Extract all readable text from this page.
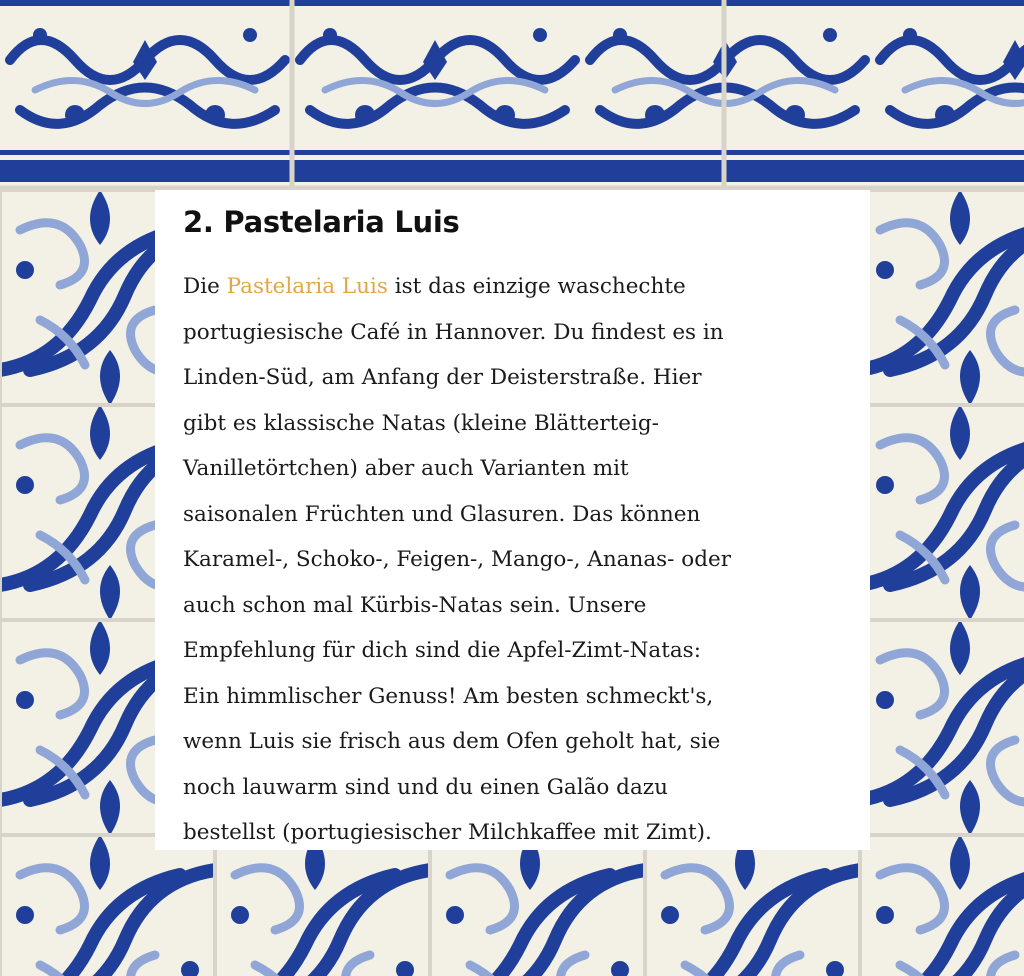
2. Pastelaria Luis

Die Pastelaria Luis ist das einzige waschechte
portugiesische Café in Hannover. Du findest es in
Linden-Süd, am Anfang der Deisterstraße. Hier
gibt es klassische Natas (kleine Blätterteig-
Vanilletörtchen) aber auch Varianten mit
saisonalen Früchten und Glasuren. Das können
Karamel-, Schoko-, Feigen-, Mango-, Ananas- oder
auch schon mal Kürbis-Natas sein. Unsere
Empfehlung für dich sind die Apfel-Zimt-Natas:
Ein himmlischer Genuss! Am besten schmeckt's,
wenn Luis sie frisch aus dem Ofen geholt hat, sie
noch lauwarm sind und du einen Galão dazu
bestellst (portugiesischer Milchkaffee mit Zimt).
